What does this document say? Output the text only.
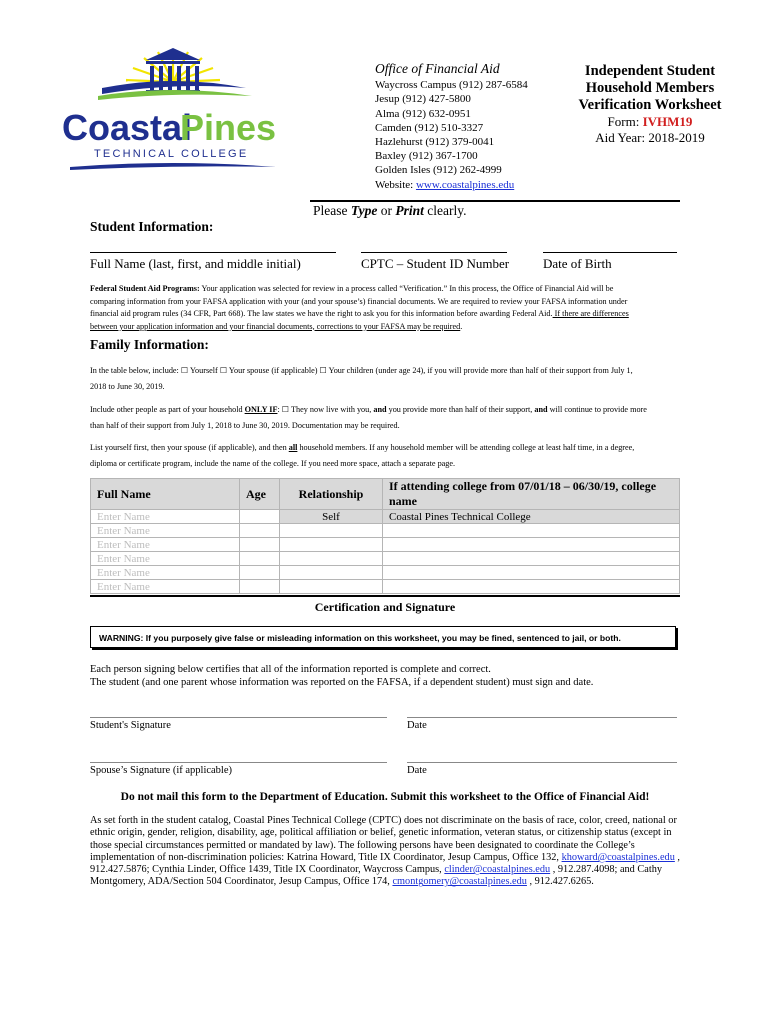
Coastal
Pines
TECHNICAL COLLEGE
Office of Financial Aid
Waycross Campus (912) 287-6584
Jesup (912) 427-5800
Alma (912) 632-0951
Camden (912) 510-3327
Hazlehurst (912) 379-0041
Baxley (912) 367-1700
Golden Isles (912) 262-4999
Website: www.coastalpines.edu
Independent Student
Household Members
Verification Worksheet
Form: IVHM19
Aid Year: 2018-2019
Please Type or Print clearly.
Student Information:
Full Name (last, first, and middle initial)	CPTC – Student ID Number	Date of Birth
Federal Student Aid Programs: Your application was selected for review in a process called “Verification.” In this process, the Office of Financial Aid will be
comparing information from your FAFSA application with your (and your spouse’s) financial documents. We are required to review your FAFSA information under
financial aid program rules (34 CFR, Part 668). The law states we have the right to ask you for this information before awarding Federal Aid. If there are differences
between your application information and your financial documents, corrections to your FAFSA may be required.
Family Information:
In the table below, include: ☐ Yourself ☐ Your spouse (if applicable) ☐ Your children (under age 24), if you will provide more than half of their support from July 1,
2018 to June 30, 2019.
Include other people as part of your household ONLY IF: ☐ They now live with you, and you provide more than half of their support, and will continue to provide more
than half of their support from July 1, 2018 to June 30, 2019. Documentation may be required.
List yourself first, then your spouse (if applicable), and then all household members. If any household member will be attending college at least half time, in a degree,
diploma or certificate program, include the name of the college. If you need more space, attach a separate page.
Full Name	Age	Relationship	If attending college from 07/01/18 – 06/30/19, college name
Enter Name		Self	Coastal Pines Technical College
Enter Name			
Enter Name			
Enter Name			
Enter Name			
Enter Name			
Certification and Signature
WARNING: If you purposely give false or misleading information on this worksheet, you may be fined, sentenced to jail, or both.
Each person signing below certifies that all of the information reported is complete and correct.
The student (and one parent whose information was reported on the FAFSA, if a dependent student) must sign and date.
Student's Signature	Date
Spouse’s Signature (if applicable)	Date
Do not mail this form to the Department of Education. Submit this worksheet to the Office of Financial Aid!
As set forth in the student catalog, Coastal Pines Technical College (CPTC) does not discriminate on the basis of race, color, creed, national or
ethnic origin, gender, religion, disability, age, political affiliation or belief, genetic information, veteran status, or citizenship status (except in
those special circumstances permitted or mandated by law). The following persons have been designated to coordinate the College’s
implementation of non-discrimination policies: Katrina Howard, Title IX Coordinator, Jesup Campus, Office 132, khoward@coastalpines.edu ,
912.427.5876; Cynthia Linder, Office 1439, Title IX Coordinator, Waycross Campus, clinder@coastalpines.edu , 912.287.4098; and Cathy
Montgomery, ADA/Section 504 Coordinator, Jesup Campus, Office 174, cmontgomery@coastalpines.edu , 912.427.6265.
